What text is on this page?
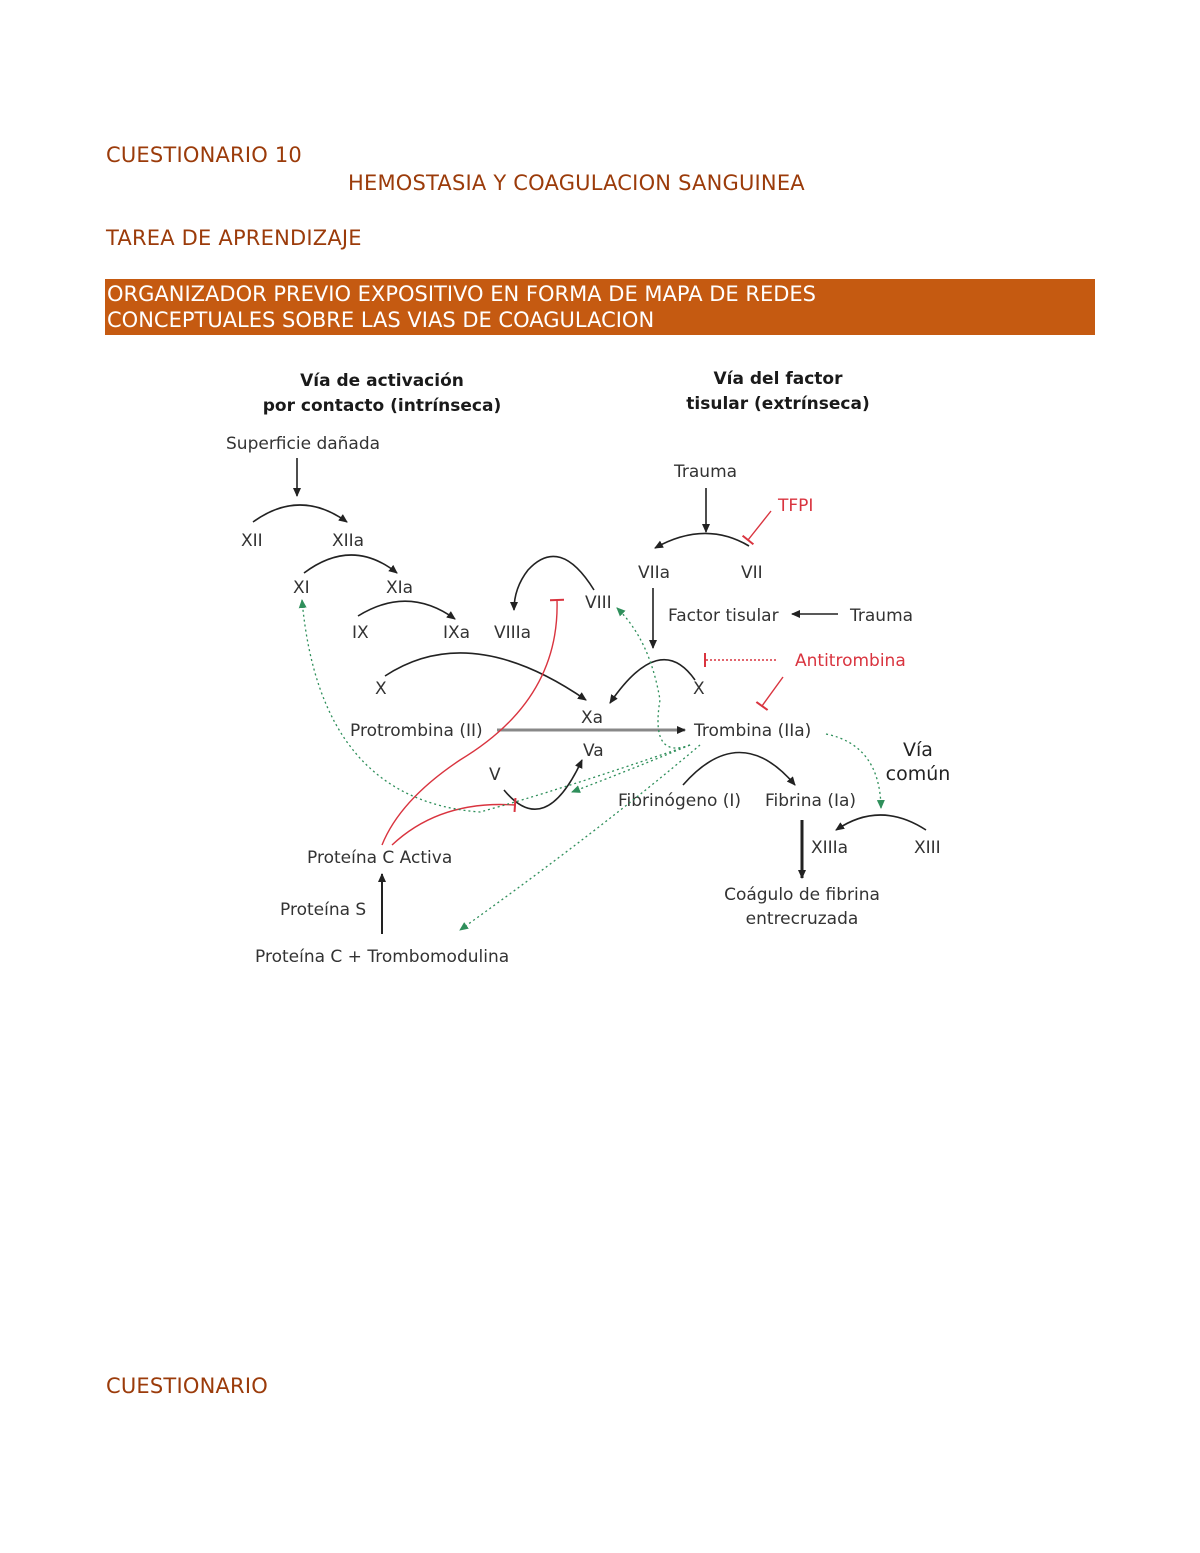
CUESTIONARIO 10
HEMOSTASIA Y COAGULACION SANGUINEA
TAREA DE APRENDIZAJE
ORGANIZADOR PREVIO EXPOSITIVO EN FORMA DE MAPA DE REDES
CONCEPTUALES SOBRE LAS VIAS DE COAGULACION
Vía de activación
por contacto (intrínseca)
Vía del factor
tisular (extrínseca)
Superficie dañada
XII	XIIa
XI	XIa
IX	IXa VIIIa
VIII
X
Xa
X
Protrombina (II)	Trombina (IIa)
Va
V
Fibrinógeno (I) Fibrina (Ia)
Vía
común
XIIIa	XIII
Coágulo de fibrina
entrecruzada
Trauma
TFPI
VIIa	VII
Factor tisular	Trauma
Antitrombina
Proteína C Activa
Proteína S
Proteína C + Trombomodulina
CUESTIONARIO
